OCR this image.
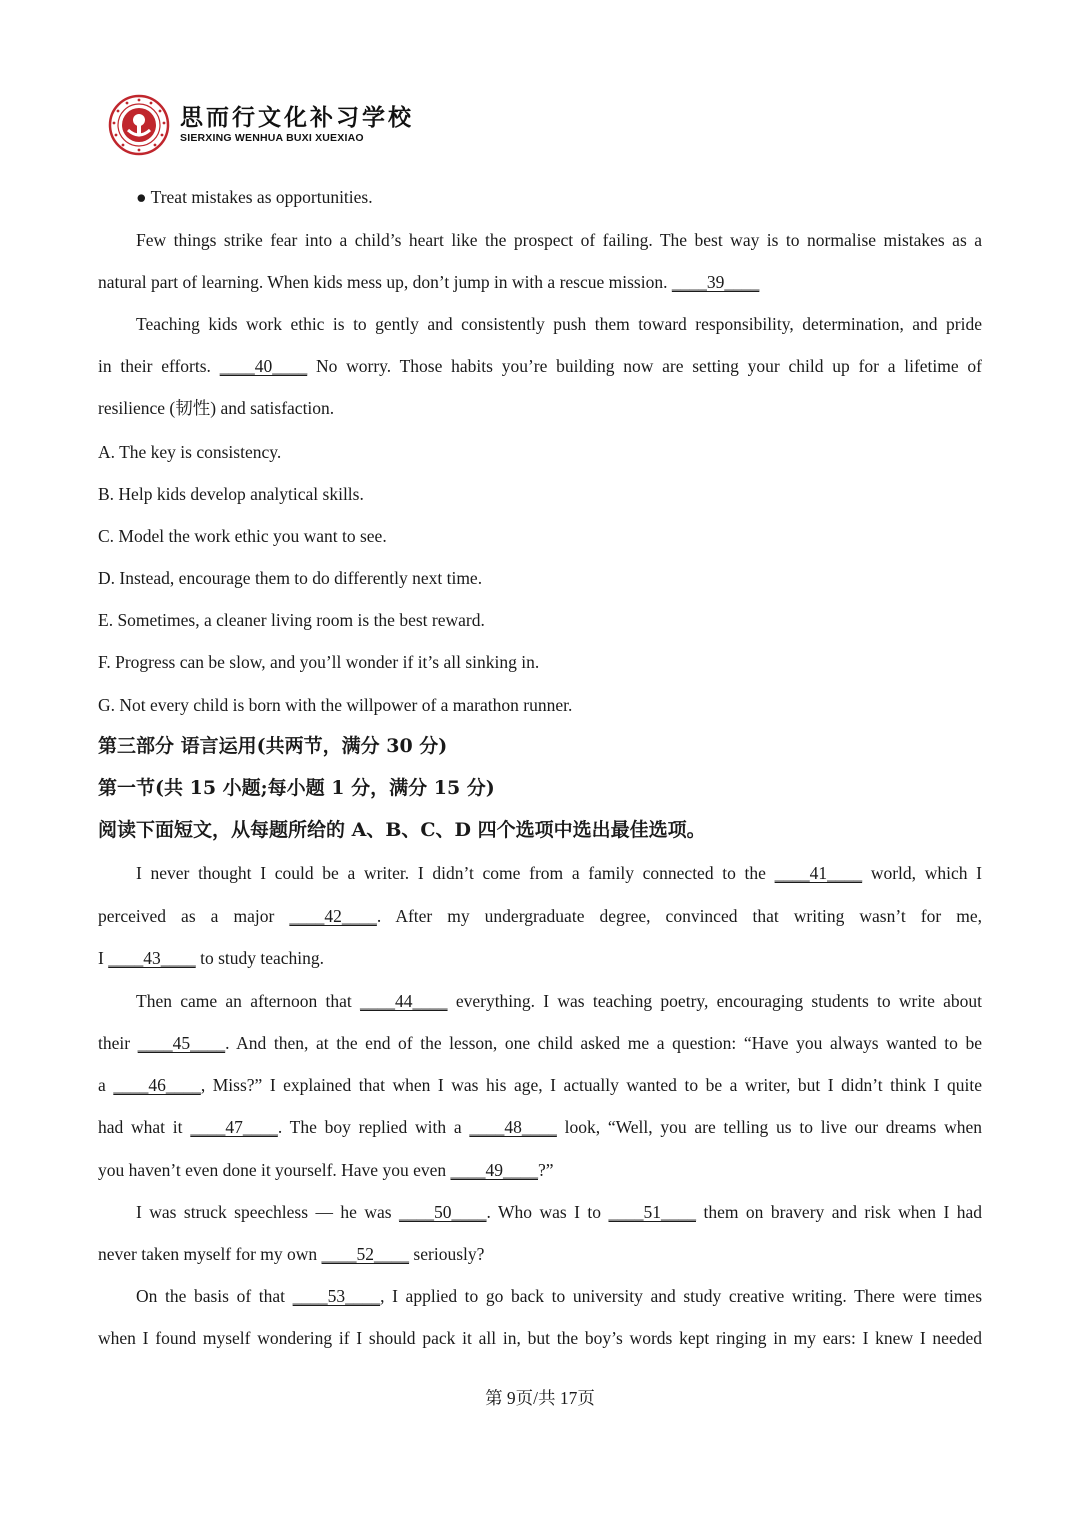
思而行文化补习学校
SIERXING WENHUA BUXI XUEXIAO
● Treat mistakes as opportunities.
Few things strike fear into a child’s heart like the prospect of failing. The best way is to normalise mistakes as a
natural part of learning. When kids mess up, don’t jump in with a rescue mission. ____39____
Teaching kids work ethic is to gently and consistently push them toward responsibility, determination, and pride
in their efforts. ____40____ No worry. Those habits you’re building now are setting your child up for a lifetime of
resilience (韧性) and satisfaction.
A. The key is consistency.
B. Help kids develop analytical skills.
C. Model the work ethic you want to see.
D. Instead, encourage them to do differently next time.
E. Sometimes, a cleaner living room is the best reward.
F. Progress can be slow, and you’ll wonder if it’s all sinking in.
G. Not every child is born with the willpower of a marathon runner.
第三部分 语言运用(共两节，满分 30 分)
第一节(共 15 小题;每小题 1 分，满分 15 分)
阅读下面短文，从每题所给的 A、B、C、D 四个选项中选出最佳选项。
I never thought I could be a writer. I didn’t come from a family connected to the ____41____ world, which I
perceived as a major ____42____. After my undergraduate degree, convinced that writing wasn’t for me,
I ____43____ to study teaching.
Then came an afternoon that ____44____ everything. I was teaching poetry, encouraging students to write about
their ____45____. And then, at the end of the lesson, one child asked me a question: “Have you always wanted to be
a ____46____, Miss?” I explained that when I was his age, I actually wanted to be a writer, but I didn’t think I quite
had what it ____47____. The boy replied with a ____48____ look, “Well, you are telling us to live our dreams when
you haven’t even done it yourself. Have you even ____49____?”
I was struck speechless — he was ____50____. Who was I to ____51____ them on bravery and risk when I had
never taken myself for my own ____52____ seriously?
On the basis of that ____53____, I applied to go back to university and study creative writing. There were times
when I found myself wondering if I should pack it all in, but the boy’s words kept ringing in my ears: I knew I needed
第 9页/共 17页
